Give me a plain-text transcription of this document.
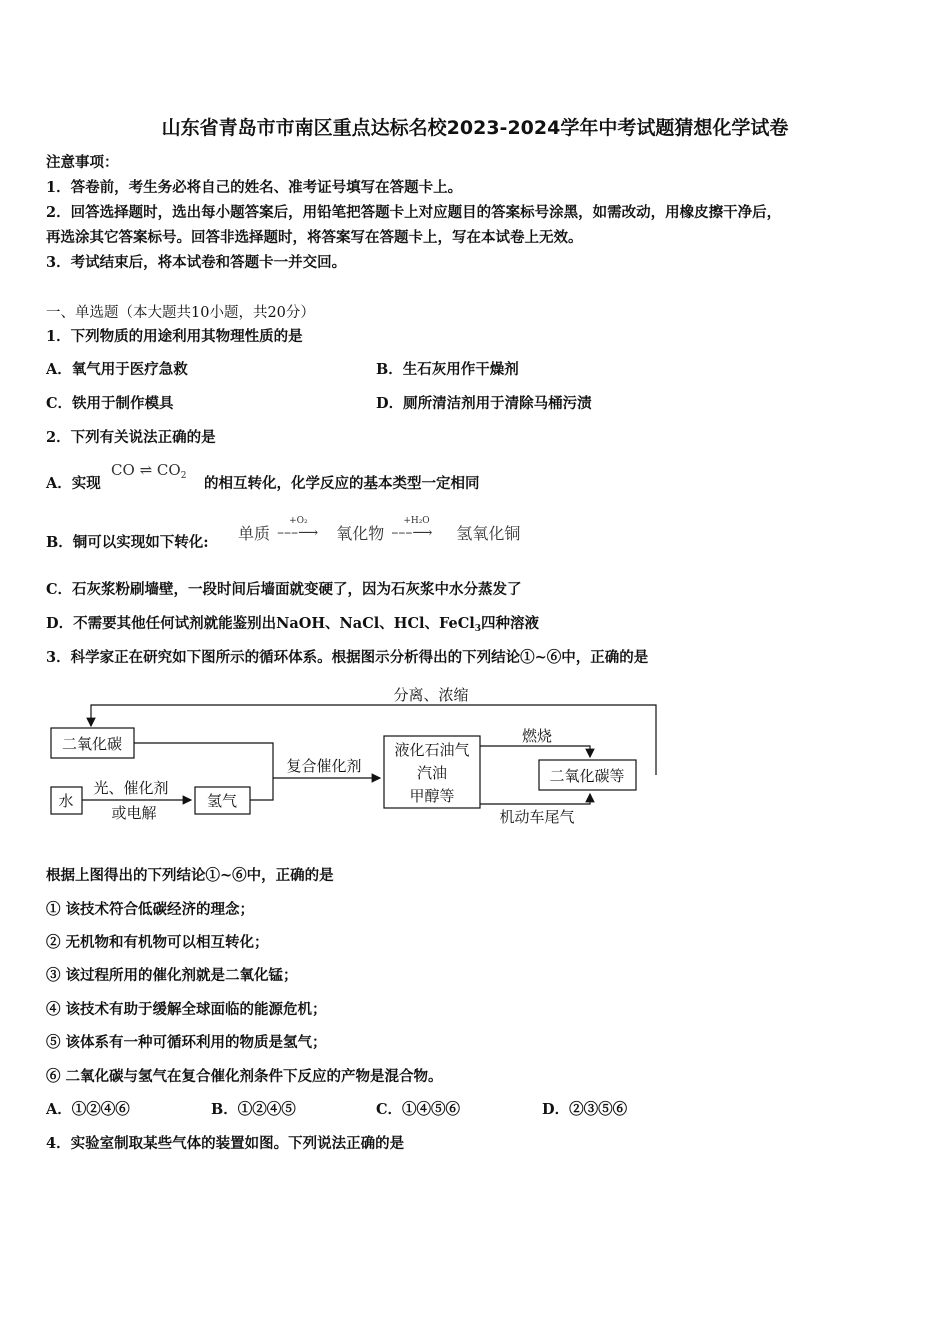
山东省青岛市市南区重点达标名校2023-2024学年中考试题猜想化学试卷
注意事项：
1．答卷前，考生务必将自己的姓名、准考证号填写在答题卡上。
2．回答选择题时，选出每小题答案后，用铅笔把答题卡上对应题目的答案标号涂黑，如需改动，用橡皮擦干净后，
再选涂其它答案标号。回答非选择题时，将答案写在答题卡上，写在本试卷上无效。
3．考试结束后，将本试卷和答题卡一并交回。
一、单选题（本大题共10小题，共20分）
1．下列物质的用途利用其物理性质的是
A．氧气用于医疗急救	B．生石灰用作干燥剂
C．铁用于制作模具	D．厕所清洁剂用于清除马桶污渍
2．下列有关说法正确的是
A．实现
CO ⇌ $CO_2$ 的相互转化，化学反应的基本类型一定相同
B．铜可以实现如下转化: 单质
+O₂
–––⟶ 氧化物
+H₂O
–––⟶ 氢氧化铜
C．石灰浆粉刷墙壁，一段时间后墙面就变硬了，因为石灰浆中水分蒸发了
D．不需要其他任何试剂就能鉴别出NaOH、NaCl、HCl、FeCl$_3$四种溶液
3．科学家正在研究如下图所示的循环体系。根据图示分析得出的下列结论①~⑥中，正确的是
分离、浓缩
二氧化碳
水
光、催化剂
或电解
氢气
复合催化剂
液化石油气
汽油
甲醇等
燃烧
二氧化碳等
机动车尾气
根据上图得出的下列结论①~⑥中，正确的是
① 该技术符合低碳经济的理念；
② 无机物和有机物可以相互转化；
③ 该过程所用的催化剂就是二氧化锰；
④ 该技术有助于缓解全球面临的能源危机；
⑤ 该体系有一种可循环利用的物质是氢气；
⑥ 二氧化碳与氢气在复合催化剂条件下反应的产物是混合物。
A．①②④⑥	B．①②④⑤	C．①④⑤⑥	D．②③⑤⑥
4．实验室制取某些气体的装置如图。下列说法正确的是
